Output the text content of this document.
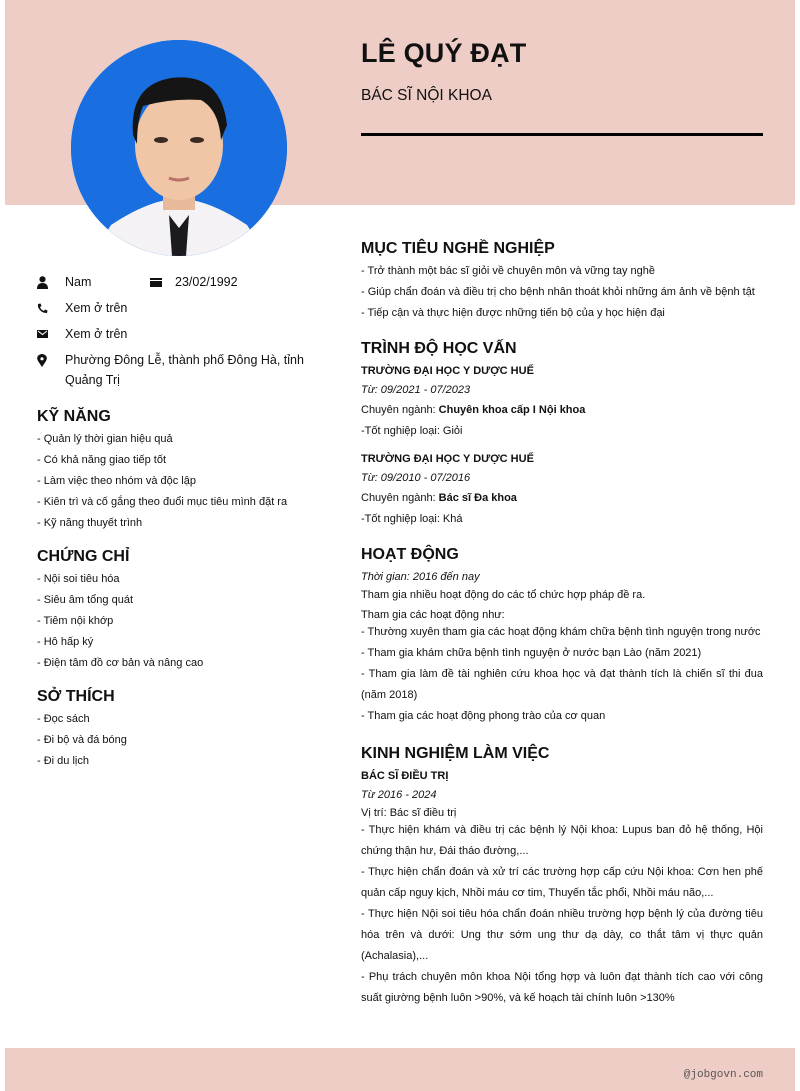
LÊ QUÝ ĐẠT
BÁC SĨ NỘI KHOA
Nam	23/02/1992
Xem ở trên
Xem ở trên
Phường Đông Lễ, thành phố Đông Hà, tỉnh Quảng Trị
KỸ NĂNG
- Quản lý thời gian hiệu quả
- Có khả năng giao tiếp tốt
- Làm việc theo nhóm và độc lập
- Kiên trì và cố gắng theo đuổi mục tiêu mình đặt ra
- Kỹ năng thuyết trình
CHỨNG CHỈ
- Nội soi tiêu hóa
- Siêu âm tổng quát
- Tiêm nội khớp
- Hô hấp ký
- Điện tâm đồ cơ bản và nâng cao
SỞ THÍCH
- Đọc sách
- Đi bộ và đá bóng
- Đi du lịch
MỤC TIÊU NGHỀ NGHIỆP
- Trở thành một bác sĩ giỏi về chuyên môn và vững tay nghề
- Giúp chẩn đoán và điều trị cho bệnh nhân thoát khỏi những ám ảnh về bệnh tật
- Tiếp cận và thực hiện được những tiến bộ của y học hiện đại
TRÌNH ĐỘ HỌC VẤN
TRƯỜNG ĐẠI HỌC Y DƯỢC HUẾ
Từ: 09/2021 - 07/2023
Chuyên ngành: Chuyên khoa cấp I Nội khoa
-Tốt nghiệp loại: Giỏi
TRƯỜNG ĐẠI HỌC Y DƯỢC HUẾ
Từ: 09/2010 - 07/2016
Chuyên ngành: Bác sĩ Đa khoa
-Tốt nghiệp loại: Khá
HOẠT ĐỘNG
Thời gian: 2016 đến nay
Tham gia nhiều hoạt động do các tổ chức hợp pháp đề ra.
Tham gia các hoạt động như:
- Thường xuyên tham gia các hoạt động khám chữa bệnh tình nguyện trong nước
- Tham gia khám chữa bệnh tình nguyện ở nước bạn Lào (năm 2021)
- Tham gia làm đề tài nghiên cứu khoa học và đạt thành tích là chiến sĩ thi đua (năm 2018)
- Tham gia các hoạt động phong trào của cơ quan
KINH NGHIỆM LÀM VIỆC
BÁC SĨ ĐIỀU TRỊ
Từ 2016 - 2024
Vị trí: Bác sĩ điều trị
- Thực hiện khám và điều trị các bệnh lý Nội khoa: Lupus ban đỏ hệ thống, Hội chứng thận hư, Đái tháo đường,...
- Thực hiện chẩn đoán và xử trí các trường hợp cấp cứu Nội khoa: Cơn hen phế quản cấp nguy kịch, Nhồi máu cơ tim, Thuyến tắc phổi, Nhồi máu não,...
- Thực hiện Nội soi tiêu hóa chẩn đoán nhiều trường hợp bệnh lý của đường tiêu hóa trên và dưới: Ung thư sớm ung thư dạ dày, co thắt tâm vị thực quản (Achalasia),...
- Phụ trách chuyên môn khoa Nội tổng hợp và luôn đạt thành tích cao với công suất giường bệnh luôn >90%, và kế hoạch tài chính luôn >130%
@jobgovn.com
